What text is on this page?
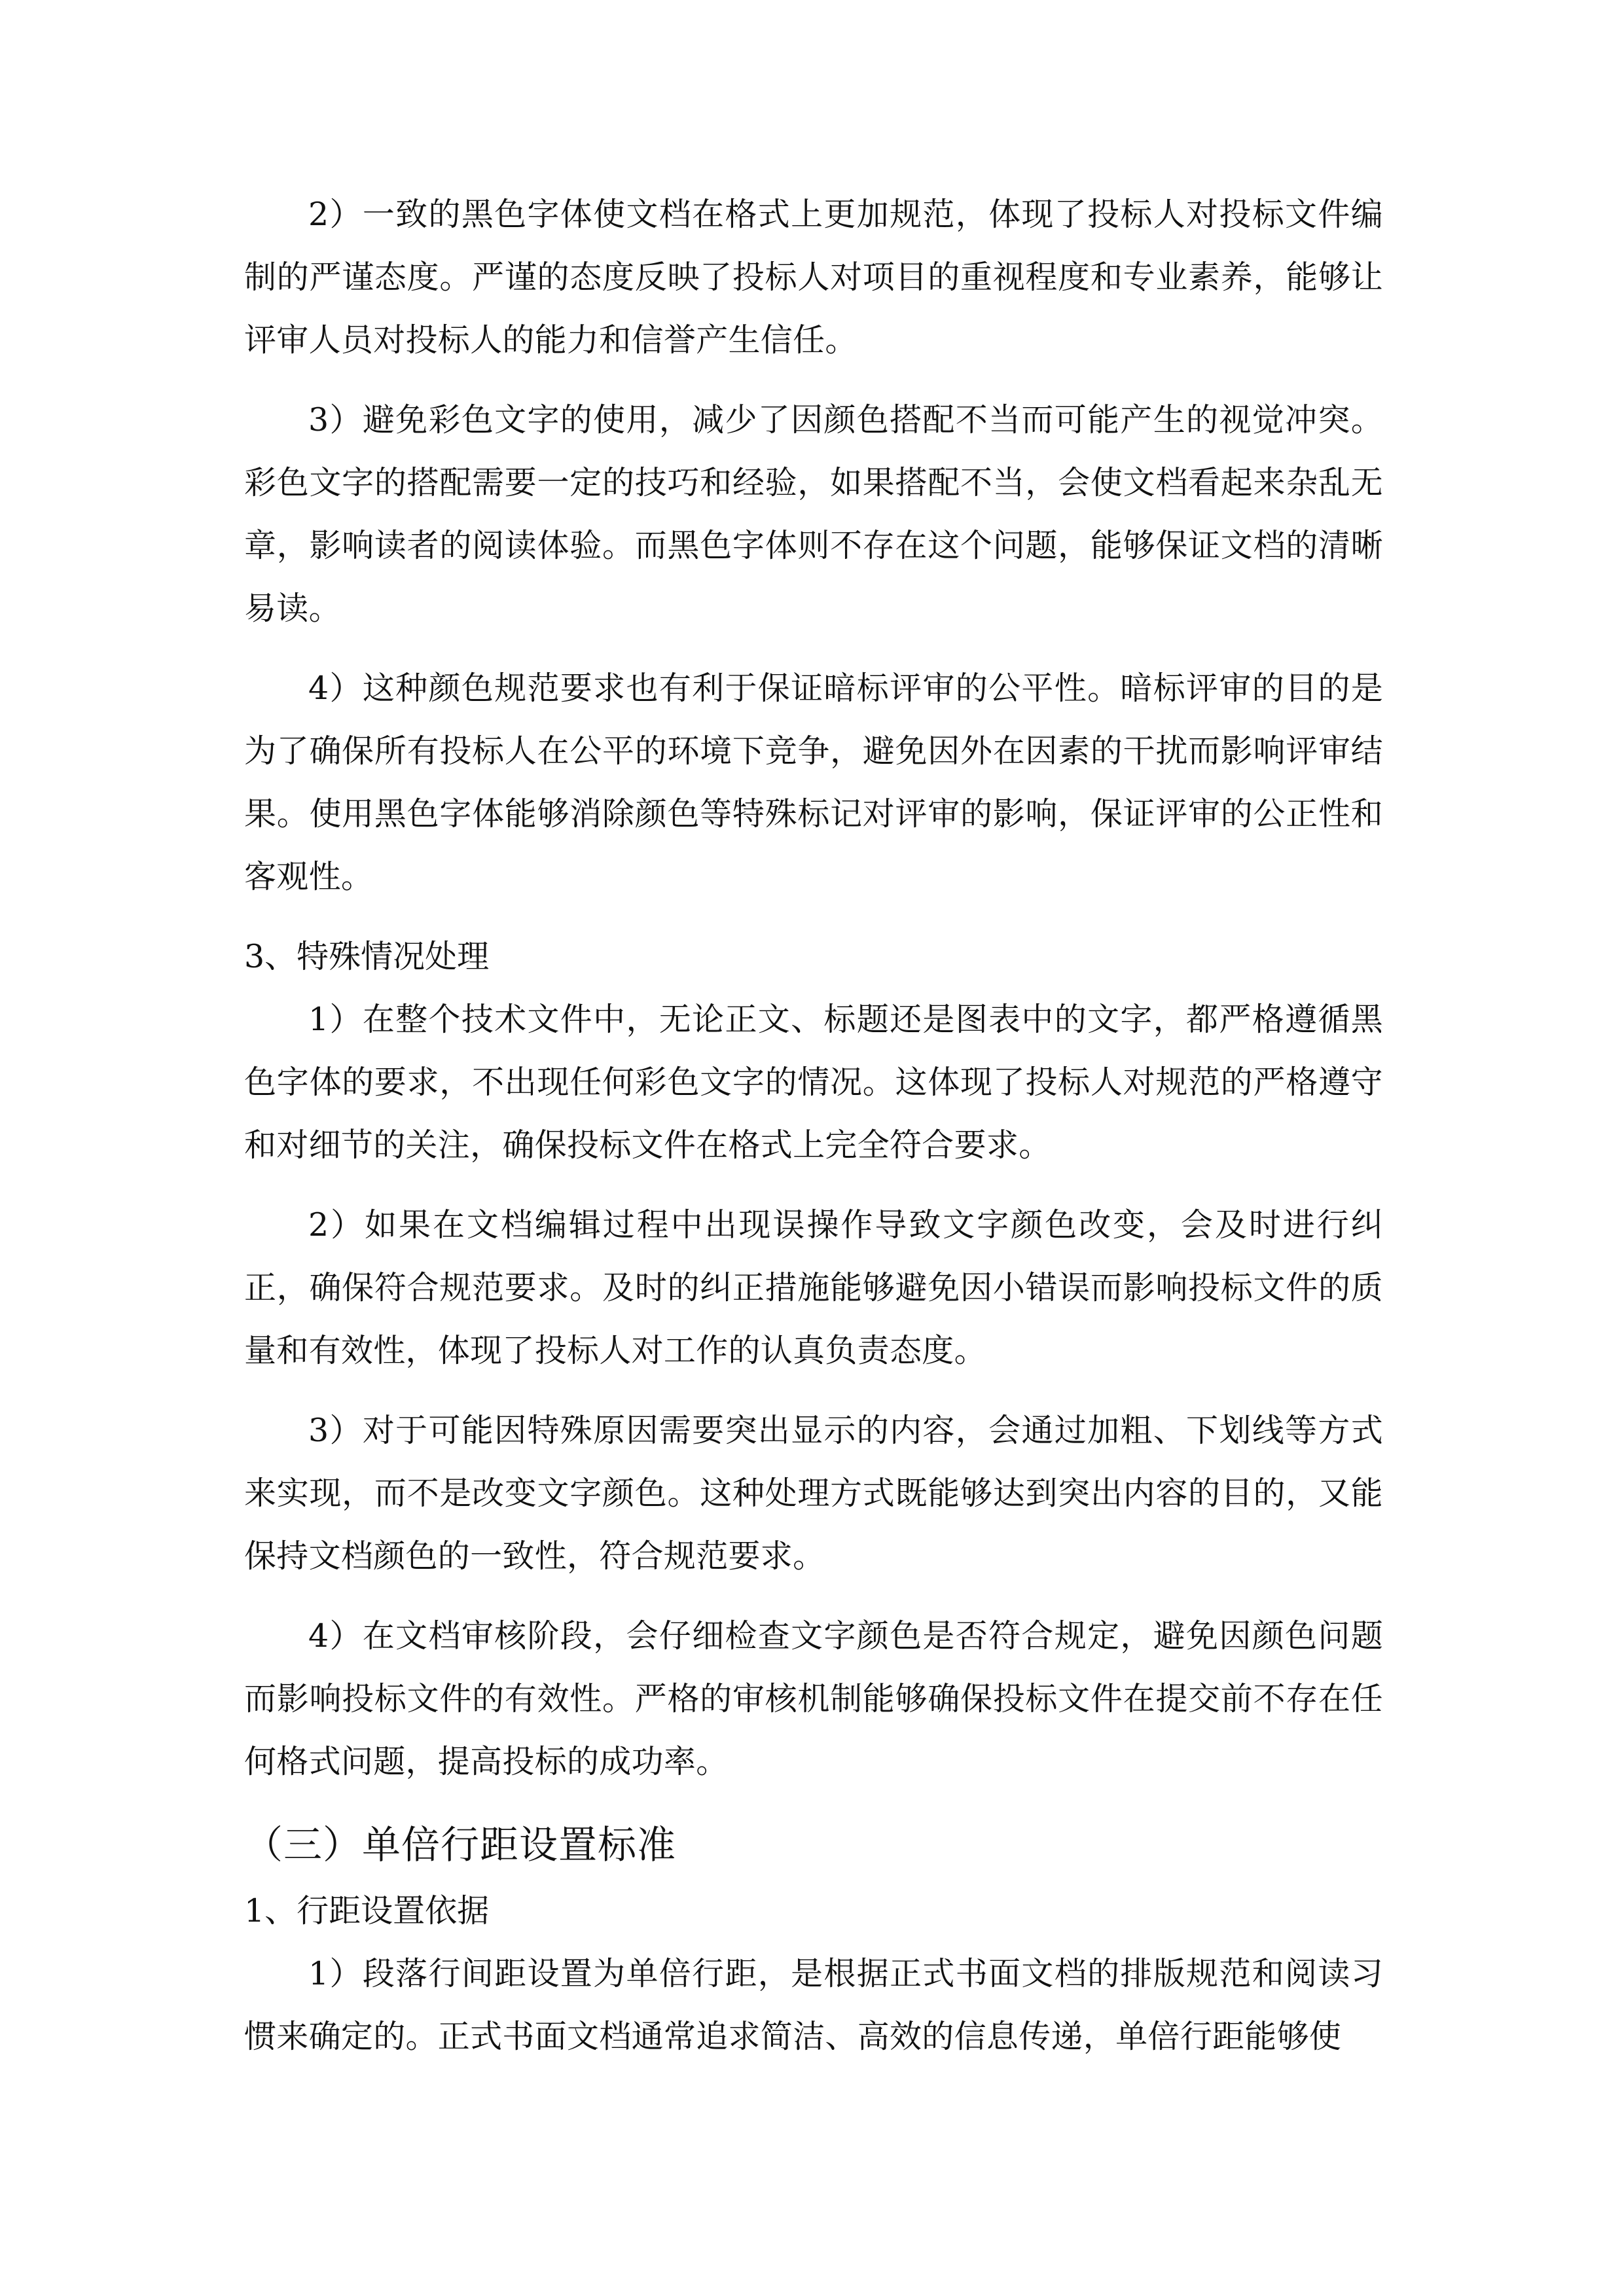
2）一致的黑色字体使文档在格式上更加规范，体现了投标人对投标文件编制的严谨态度。严谨的态度反映了投标人对项目的重视程度和专业素养，能够让评审人员对投标人的能力和信誉产生信任。

3）避免彩色文字的使用，减少了因颜色搭配不当而可能产生的视觉冲突。彩色文字的搭配需要一定的技巧和经验，如果搭配不当，会使文档看起来杂乱无章，影响读者的阅读体验。而黑色字体则不存在这个问题，能够保证文档的清晰易读。

4）这种颜色规范要求也有利于保证暗标评审的公平性。暗标评审的目的是为了确保所有投标人在公平的环境下竞争，避免因外在因素的干扰而影响评审结果。使用黑色字体能够消除颜色等特殊标记对评审的影响，保证评审的公正性和客观性。

3、特殊情况处理

1）在整个技术文件中，无论正文、标题还是图表中的文字，都严格遵循黑色字体的要求，不出现任何彩色文字的情况。这体现了投标人对规范的严格遵守和对细节的关注，确保投标文件在格式上完全符合要求。

2）如果在文档编辑过程中出现误操作导致文字颜色改变，会及时进行纠正，确保符合规范要求。及时的纠正措施能够避免因小错误而影响投标文件的质量和有效性，体现了投标人对工作的认真负责态度。

3）对于可能因特殊原因需要突出显示的内容，会通过加粗、下划线等方式来实现，而不是改变文字颜色。这种处理方式既能够达到突出内容的目的，又能保持文档颜色的一致性，符合规范要求。

4）在文档审核阶段，会仔细检查文字颜色是否符合规定，避免因颜色问题而影响投标文件的有效性。严格的审核机制能够确保投标文件在提交前不存在任何格式问题，提高投标的成功率。

（三）单倍行距设置标准

1、行距设置依据

1）段落行间距设置为单倍行距，是根据正式书面文档的排版规范和阅读习惯来确定的。正式书面文档通常追求简洁、高效的信息传递，单倍行距能够使
